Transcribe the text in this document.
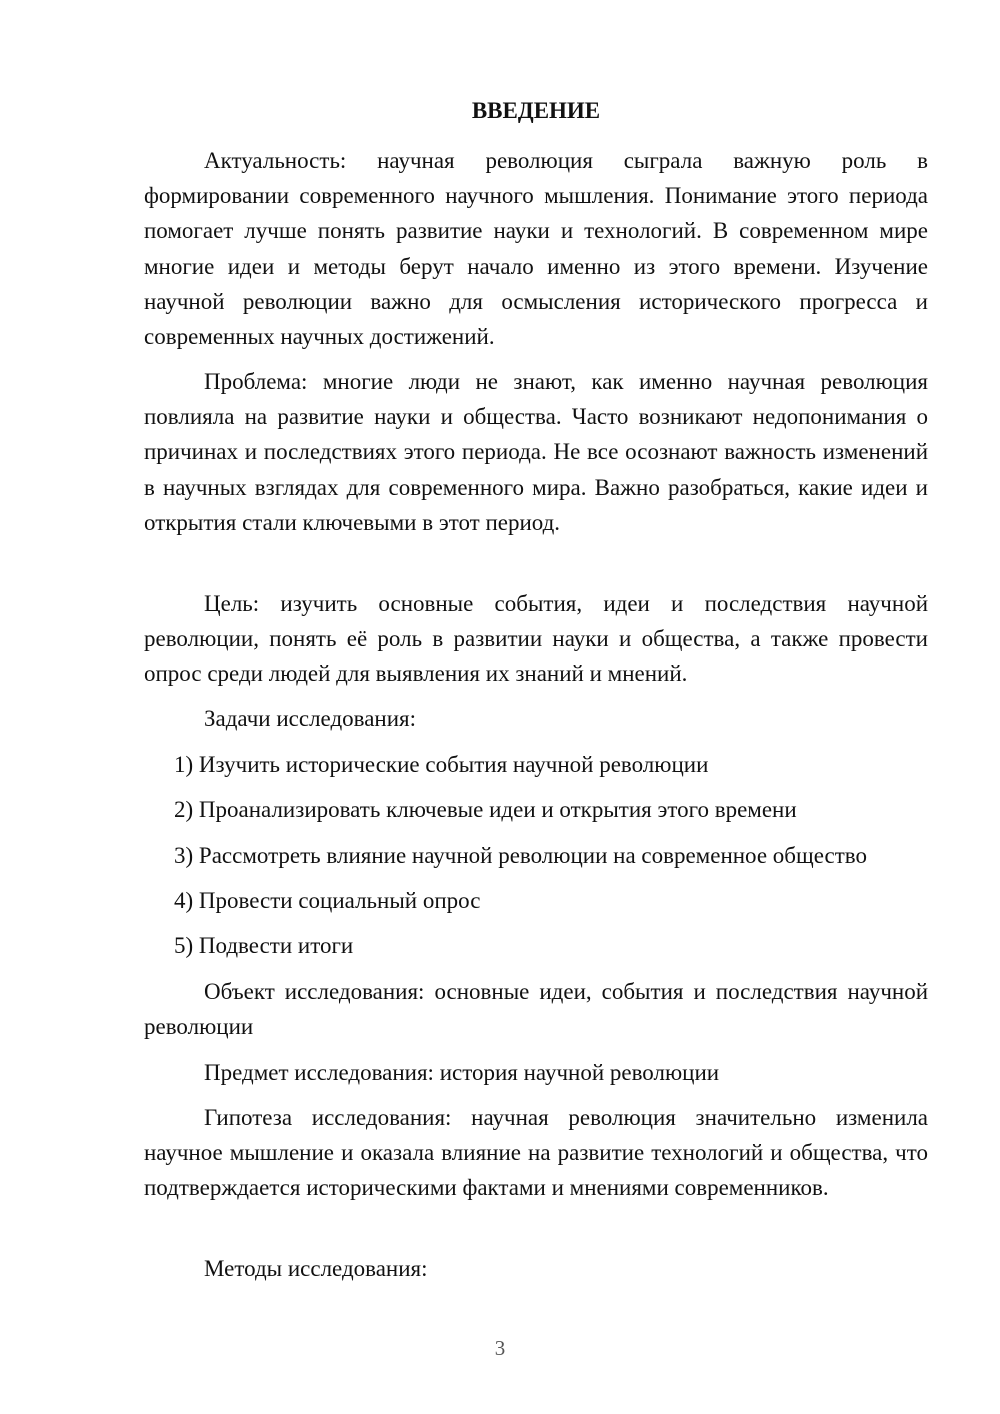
ВВЕДЕНИЕ

Актуальность: научная революция сыграла важную роль в формировании современного научного мышления. Понимание этого периода помогает лучше понять развитие науки и технологий. В современном мире многие идеи и методы берут начало именно из этого времени. Изучение научной революции важно для осмысления исторического прогресса и современных научных достижений.

Проблема: многие люди не знают, как именно научная революция повлияла на развитие науки и общества. Часто возникают недопонимания о причинах и последствиях этого периода. Не все осознают важность изменений в научных взглядах для современного мира. Важно разобраться, какие идеи и открытия стали ключевыми в этот период.

Цель: изучить основные события, идеи и последствия научной революции, понять её роль в развитии науки и общества, а также провести опрос среди людей для выявления их знаний и мнений.

Задачи исследования:

1) Изучить исторические события научной революции

2) Проанализировать ключевые идеи и открытия этого времени

3) Рассмотреть влияние научной революции на современное общество

4) Провести социальный опрос

5) Подвести итоги

Объект исследования: основные идеи, события и последствия научной революции

Предмет исследования: история научной революции

Гипотеза исследования: научная революция значительно изменила научное мышление и оказала влияние на развитие технологий и общества, что подтверждается историческими фактами и мнениями современников.

Методы исследования:

3
